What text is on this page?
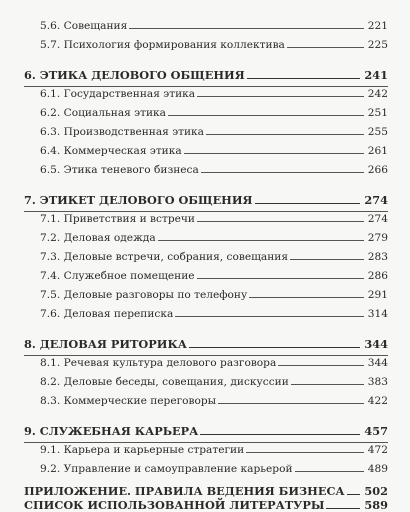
5.6. Совещания	221
5.7. Психология формирования коллектива	225
6. ЭТИКА ДЕЛОВОГО ОБЩЕНИЯ	241
6.1. Государственная этика	242
6.2. Социальная этика	251
6.3. Производственная этика	255
6.4. Коммерческая этика	261
6.5. Этика теневого бизнеса	266
7. ЭТИКЕТ ДЕЛОВОГО ОБЩЕНИЯ	274
7.1. Приветствия и встречи	274
7.2. Деловая одежда	279
7.3. Деловые встречи, собрания, совещания	283
7.4. Служебное помещение	286
7.5. Деловые разговоры по телефону	291
7.6. Деловая переписка	314
8. ДЕЛОВАЯ РИТОРИКА	344
8.1. Речевая культура делового разговора	344
8.2. Деловые беседы, совещания, дискуссии	383
8.3. Коммерческие переговоры	422
9. СЛУЖЕБНАЯ КАРЬЕРА	457
9.1. Карьера и карьерные стратегии	472
9.2. Управление и самоуправление карьерой	489
ПРИЛОЖЕНИЕ. ПРАВИЛА ВЕДЕНИЯ БИЗНЕСА 502
СПИСОК ИСПОЛЬЗОВАННОЙ ЛИТЕРАТУРЫ	589
